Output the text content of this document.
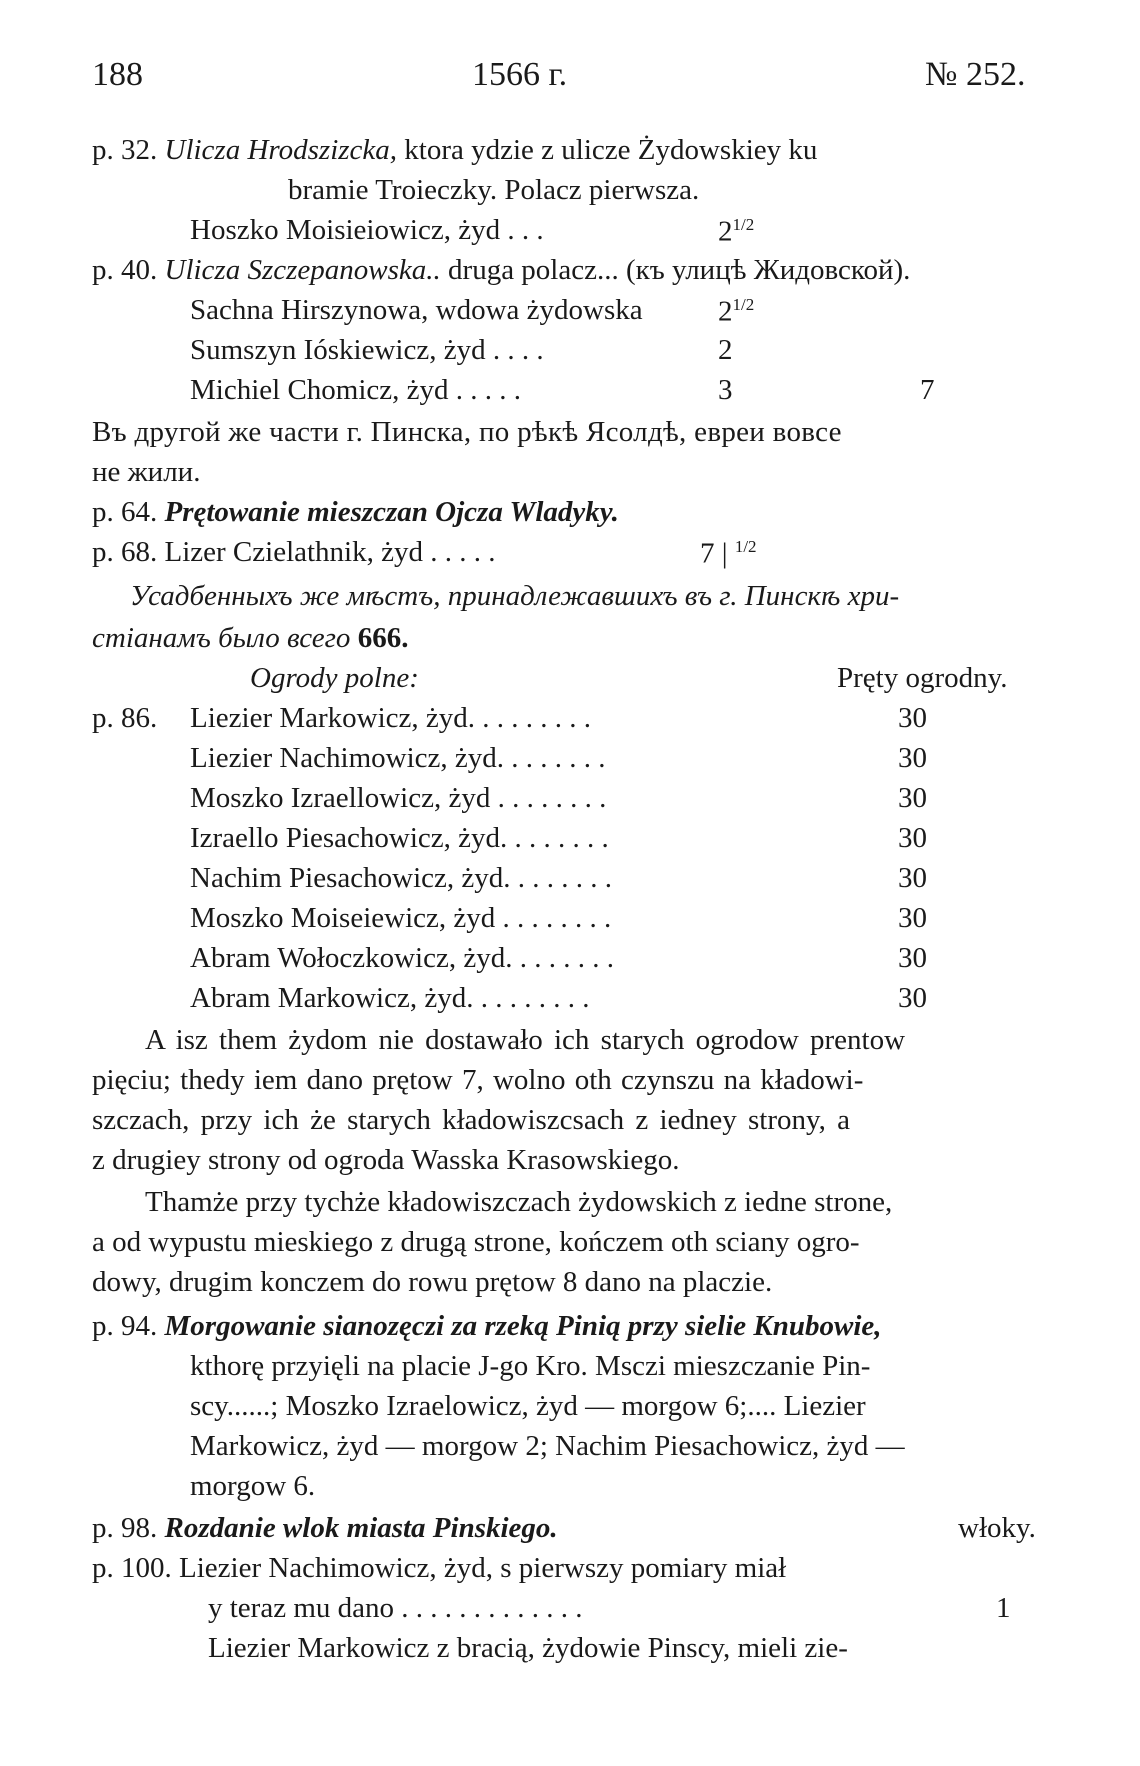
188	1566 г.	№ 252.
p. 32. Ulicza Hrodszizcka, ktora ydzie z ulicze Żydowskiey ku
bramie Troieczky. Polacz pierwsza.
Hoszko Moisieiowicz, żyd . . .	$2^{1/2}$
p. 40. Ulicza Szczepanowska.. druga polacz... (къ улицѣ Жидовской).
Sachna Hirszynowa, wdowa żydowska	$2^{1/2}$
Sumszyn Ióskiewicz, żyd . . . .	2
Michiel Chomicz, żyd . . . . .	3	7
Въ другой же части г. Пинска, по рѣкѣ Ясолдѣ, евреи вовсе
не жили.
p. 64. Prętowanie mieszczan Ojcza Wladyky.
p. 68. Lizer Czielathnik, żyd . . . . .	7 | $^{1/2}$
Усадбенныхъ же мѣстъ, принадлежавшихъ въ г. Пинскѣ хри-
стіанамъ было всего 666.
Ogrody polne:	Pręty ogrodny.
p. 86. Liezier Markowicz, żyd. . . . . . . . .	30
Liezier Nachimowicz, żyd. . . . . . . .	30
Moszko Izraellowicz, żyd . . . . . . . .	30
Izraello Piesachowicz, żyd. . . . . . . .	30
Nachim Piesachowicz, żyd. . . . . . . .	30
Moszko Moiseiewicz, żyd . . . . . . . .	30
Abram Wołoczkowicz, żyd. . . . . . . .	30
Abram Markowicz, żyd. . . . . . . . .	30
A isz them żydom nie dostawało ich starych ogrodow prentow
pięciu; thedy iem dano prętow 7, wolno oth czynszu na kładowi-
szczach, przy ich że starych kładowiszcsach z iedney strony, a
z drugiey strony od ogroda Wasska Krasowskiego.
Thamże przy tychże kładowiszczach żydowskich z iedne strone,
a od wypustu mieskiego z drugą strone, kończem oth sciany ogro-
dowy, drugim konczem do rowu prętow 8 dano na placzie.
p. 94. Morgowanie sianozęczi za rzeką Pinią przy sielie Knubowie,
kthorę przyięli na placie J-go Kro. Msczi mieszczanie Pin-
scy......; Moszko Izraelowicz, żyd — morgow 6;.... Liezier
Markowicz, żyd — morgow 2; Nachim Piesachowicz, żyd —
morgow 6.
p. 98. Rozdanie wlok miasta Pinskiego.	włoky.
p. 100. Liezier Nachimowicz, żyd, s pierwszy pomiary miał
y teraz mu dano . . . . . . . . . . . . .	1
Liezier Markowicz z bracią, żydowie Pinscy, mieli zie-
